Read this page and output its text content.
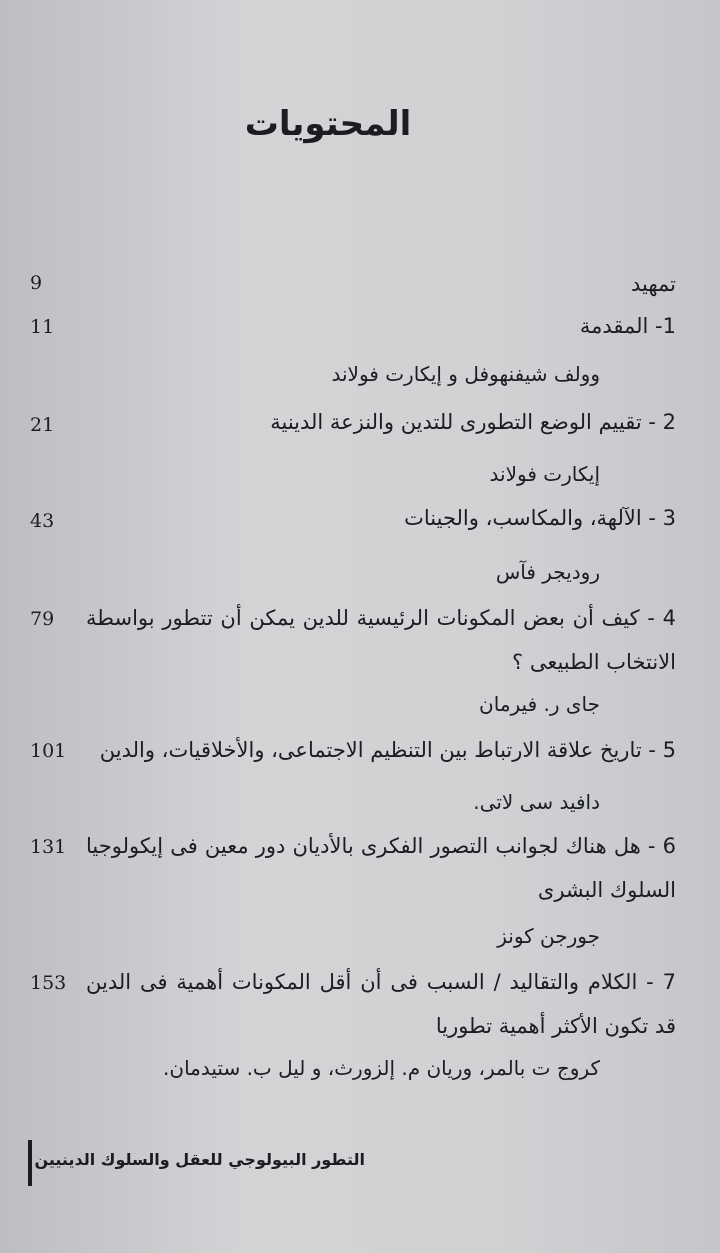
المحتويات
تمهيد
9
1- المقدمة
11
وولف شيفنهوفل و إيكارت فولاند
2 - تقييم الوضع التطورى للتدين والنزعة الدينية
21
إيكارت فولاند
3 - الآلهة، والمكاسب، والجينات
43
روديجر فآس
4 - كيف أن بعض المكونات الرئيسية للدين يمكن أن تتطور بواسطة الانتخاب الطبيعى ؟
79
جاى ر. فيرمان
5 - تاريخ علاقة الارتباط بين التنظيم الاجتماعى، والأخلاقيات، والدين
101
دافيد سى لاتى.
6 - هل هناك لجوانب التصور الفكرى بالأديان دور معين فى إيكولوجيا السلوك البشرى
131
جورجن كونز
7 - الكلام والتقاليد / السبب فى أن أقل المكونات أهمية فى الدين قد تكون الأكثر أهمية تطوريا
153
كروج ت بالمر، وريان م. إلزورث، و ليل ب. ستيدمان.
التطور البيولوجي للعقل والسلوك الدينيين
